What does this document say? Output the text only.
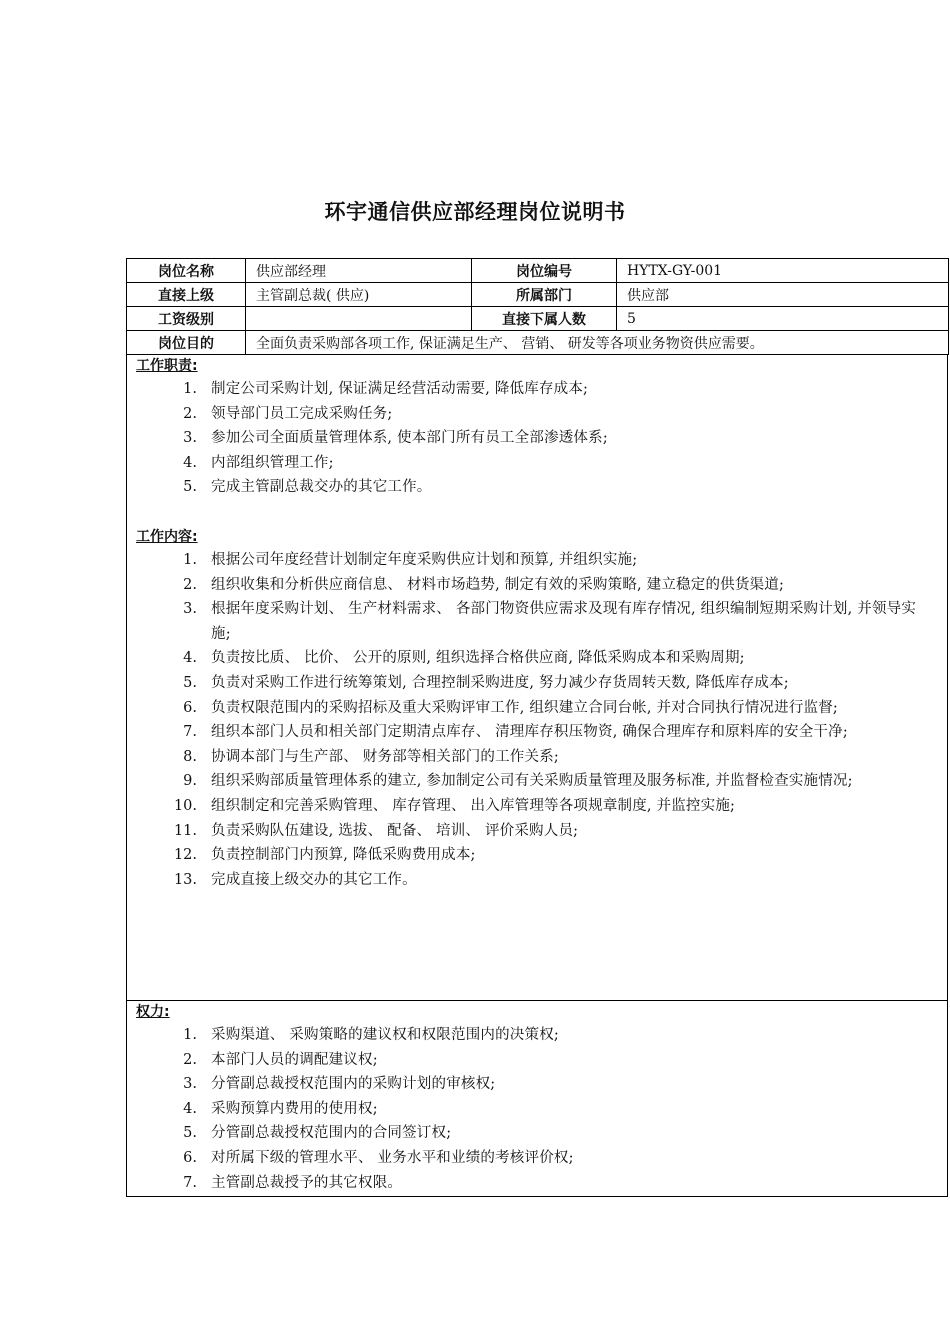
环宇通信供应部经理岗位说明书
岗位名称	供应部经理	岗位编号	HYTX-GY-001
直接上级	主管副总裁( 供应)	所属部门	供应部
工资级别		直接下属人数	5
岗位目的	全面负责采购部各项工作, 保证满足生产、 营销、 研发等各项业务物资供应需要。		
工作职责:
1. 制定公司采购计划, 保证满足经营活动需要, 降低库存成本;
2. 领导部门员工完成采购任务;
3. 参加公司全面质量管理体系, 使本部门所有员工全部渗透体系;
4. 内部组织管理工作;
5. 完成主管副总裁交办的其它工作。
工作内容:
1. 根据公司年度经营计划制定年度采购供应计划和预算, 并组织实施;
2. 组织收集和分析供应商信息、 材料市场趋势, 制定有效的采购策略, 建立稳定的供货渠道;
3. 根据年度采购计划、 生产材料需求、 各部门物资供应需求及现有库存情况, 组织编制短期采购计划, 并领导实施;
4. 负责按比质、 比价、 公开的原则, 组织选择合格供应商, 降低采购成本和采购周期;
5. 负责对采购工作进行统筹策划, 合理控制采购进度, 努力减少存货周转天数, 降低库存成本;
6. 负责权限范围内的采购招标及重大采购评审工作, 组织建立合同台帐, 并对合同执行情况进行监督;
7. 组织本部门人员和相关部门定期清点库存、 清理库存积压物资, 确保合理库存和原料库的安全干净;
8. 协调本部门与生产部、 财务部等相关部门的工作关系;
9. 组织采购部质量管理体系的建立, 参加制定公司有关采购质量管理及服务标准, 并监督检查实施情况;
10. 组织制定和完善采购管理、 库存管理、 出入库管理等各项规章制度, 并监控实施;
11. 负责采购队伍建设, 选拔、 配备、 培训、 评价采购人员;
12. 负责控制部门内预算, 降低采购费用成本;
13. 完成直接上级交办的其它工作。
权力:
1. 采购渠道、 采购策略的建议权和权限范围内的决策权;
2. 本部门人员的调配建议权;
3. 分管副总裁授权范围内的采购计划的审核权;
4. 采购预算内费用的使用权;
5. 分管副总裁授权范围内的合同签订权;
6. 对所属下级的管理水平、 业务水平和业绩的考核评价权;
7. 主管副总裁授予的其它权限。
